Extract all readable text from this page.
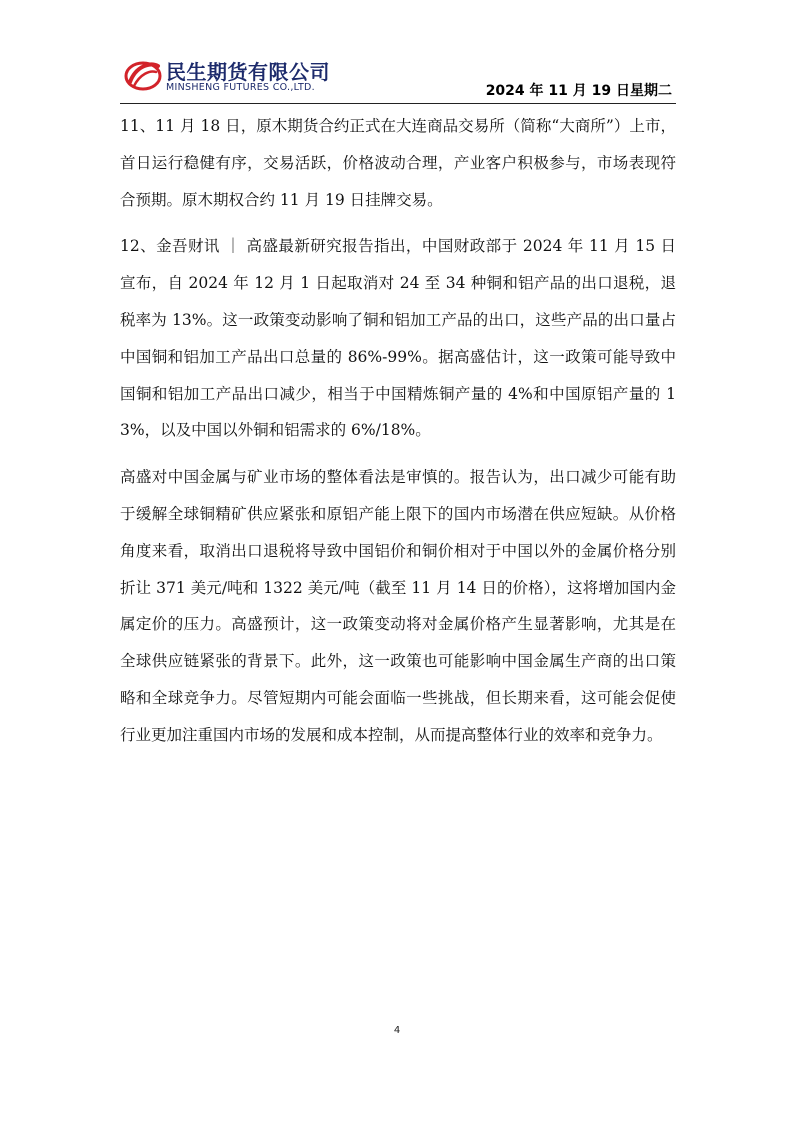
民生期货有限公司
MINSHENG FUTURES CO.,LTD.	2024 年 11 月 19 日星期二

11、11 月 18 日，原木期货合约正式在大连商品交易所（简称“大商所”）上市，首日运行稳健有序，交易活跃，价格波动合理，产业客户积极参与，市场表现符合预期。原木期权合约 11 月 19 日挂牌交易。

12、金吾财讯 ｜ 高盛最新研究报告指出，中国财政部于 2024 年 11 月 15 日宣布，自 2024 年 12 月 1 日起取消对 24 至 34 种铜和铝产品的出口退税，退税率为 13%。这一政策变动影响了铜和铝加工产品的出口，这些产品的出口量占中国铜和铝加工产品出口总量的 86%-99%。据高盛估计，这一政策可能导致中国铜和铝加工产品出口减少，相当于中国精炼铜产量的 4%和中国原铝产量的 13%，以及中国以外铜和铝需求的 6%/18%。

高盛对中国金属与矿业市场的整体看法是审慎的。报告认为，出口减少可能有助于缓解全球铜精矿供应紧张和原铝产能上限下的国内市场潜在供应短缺。从价格角度来看，取消出口退税将导致中国铝价和铜价相对于中国以外的金属价格分别折让 371 美元/吨和 1322 美元/吨（截至 11 月 14 日的价格），这将增加国内金属定价的压力。高盛预计，这一政策变动将对金属价格产生显著影响，尤其是在全球供应链紧张的背景下。此外，这一政策也可能影响中国金属生产商的出口策略和全球竞争力。尽管短期内可能会面临一些挑战，但长期来看，这可能会促使行业更加注重国内市场的发展和成本控制，从而提高整体行业的效率和竞争力。

4
